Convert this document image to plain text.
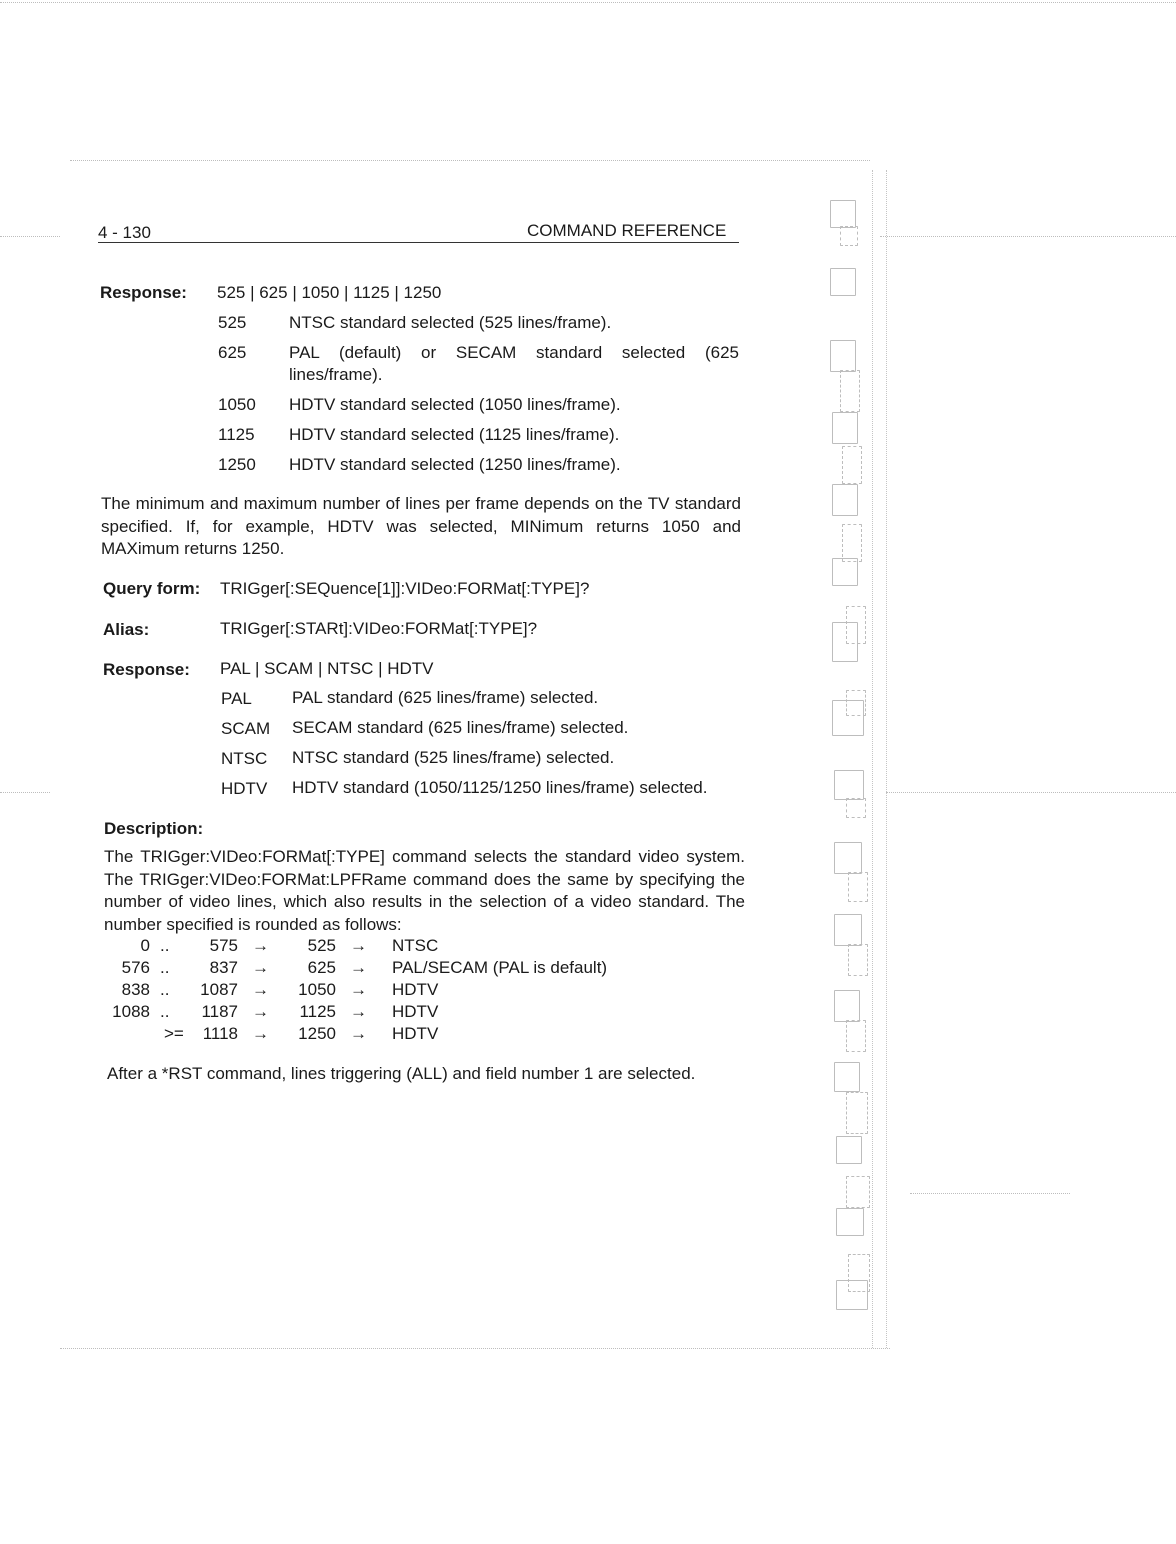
4 - 130	COMMAND REFERENCE
Response: 525 | 625 | 1050 | 1125 | 1250
525	NTSC standard selected (525 lines/frame).
625	PAL (default) or SECAM standard selected (625
lines/frame).
1050 HDTV standard selected (1050 lines/frame).
1125 HDTV standard selected (1125 lines/frame).
1250 HDTV standard selected (1250 lines/frame).
The minimum and maximum number of lines per frame depends on the TV standard specified. If, for example, HDTV was selected, MINimum returns 1050 and MAXimum returns 1250.
Query form: TRIGger[:SEQuence[1]]:VIDeo:FORMat[:TYPE]?
Alias:	TRIGger[:STARt]:VIDeo:FORMat[:TYPE]?
Response: PAL | SCAM | NTSC | HDTV
PAL PAL standard (625 lines/frame) selected.
SCAM SECAM standard (625 lines/frame) selected.
NTSC NTSC standard (525 lines/frame) selected.
HDTV HDTV standard (1050/1125/1250 lines/frame) selected.
Description:
The TRIGger:VIDeo:FORMat[:TYPE] command selects the standard video system. The TRIGger:VIDeo:FORMat:LPFRame command does the same by specifying the number of video lines, which also results in the selection of a video standard. The number specified is rounded as follows:
0 ..	575 →	525 → NTSC
576 ..	837 →	625 → PAL/SECAM (PAL is default)
838 ..	1087 →	1050 → HDTV
1088 ..	1187 →	1125 → HDTV
>=	1118 →	1250 → HDTV
After a *RST command, lines triggering (ALL) and field number 1 are selected.
